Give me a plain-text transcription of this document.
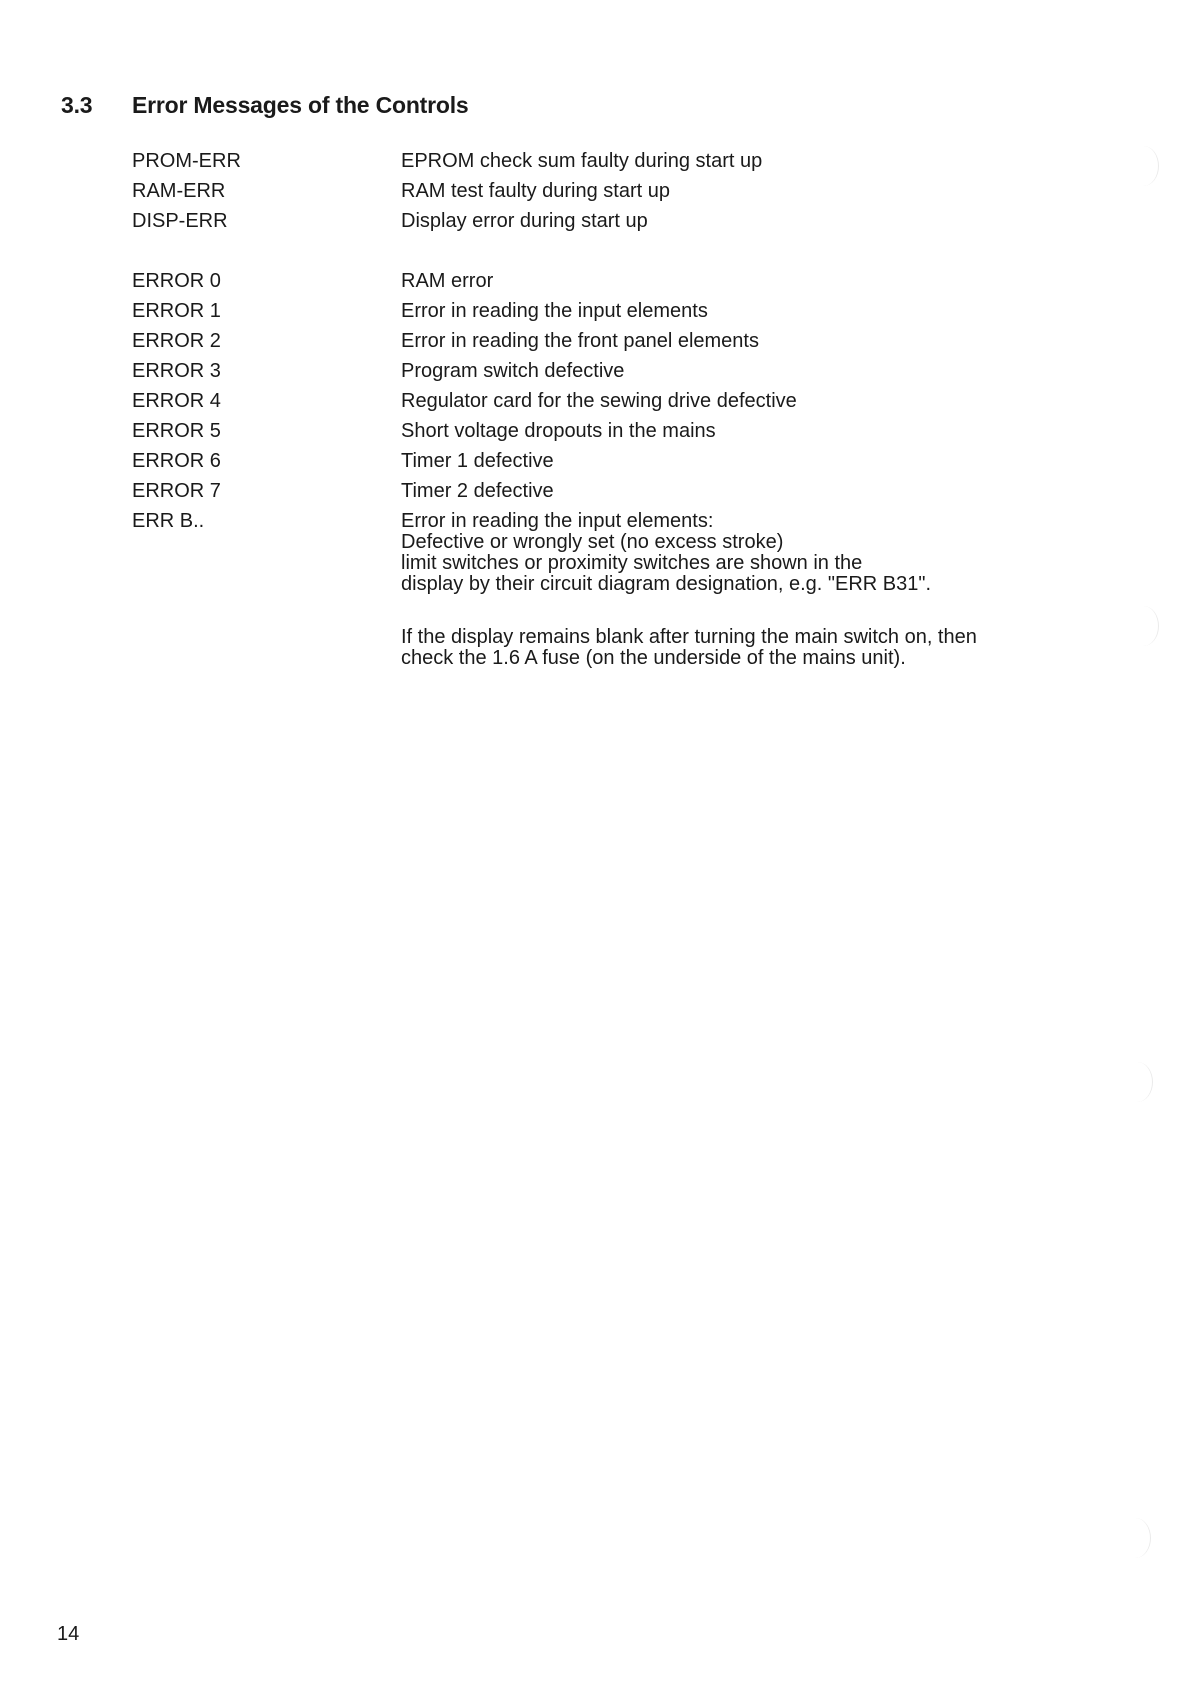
3.3 Error Messages of the Controls
PROM-ERR	EPROM check sum faulty during start up
RAM-ERR	RAM test faulty during start up
DISP-ERR	Display error during start up
ERROR 0	RAM error
ERROR 1	Error in reading the input elements
ERROR 2	Error in reading the front panel elements
ERROR 3	Program switch defective
ERROR 4	Regulator card for the sewing drive defective
ERROR 5	Short voltage dropouts in the mains
ERROR 6	Timer 1 defective
ERROR 7	Timer 2 defective
ERR B..	Error in reading the input elements:
Defective or wrongly set (no excess stroke)
limit switches or proximity switches are shown in the
display by their circuit diagram designation, e.g. "ERR B31".
If the display remains blank after turning the main switch on, then
check the 1.6 A fuse (on the underside of the mains unit).
14
